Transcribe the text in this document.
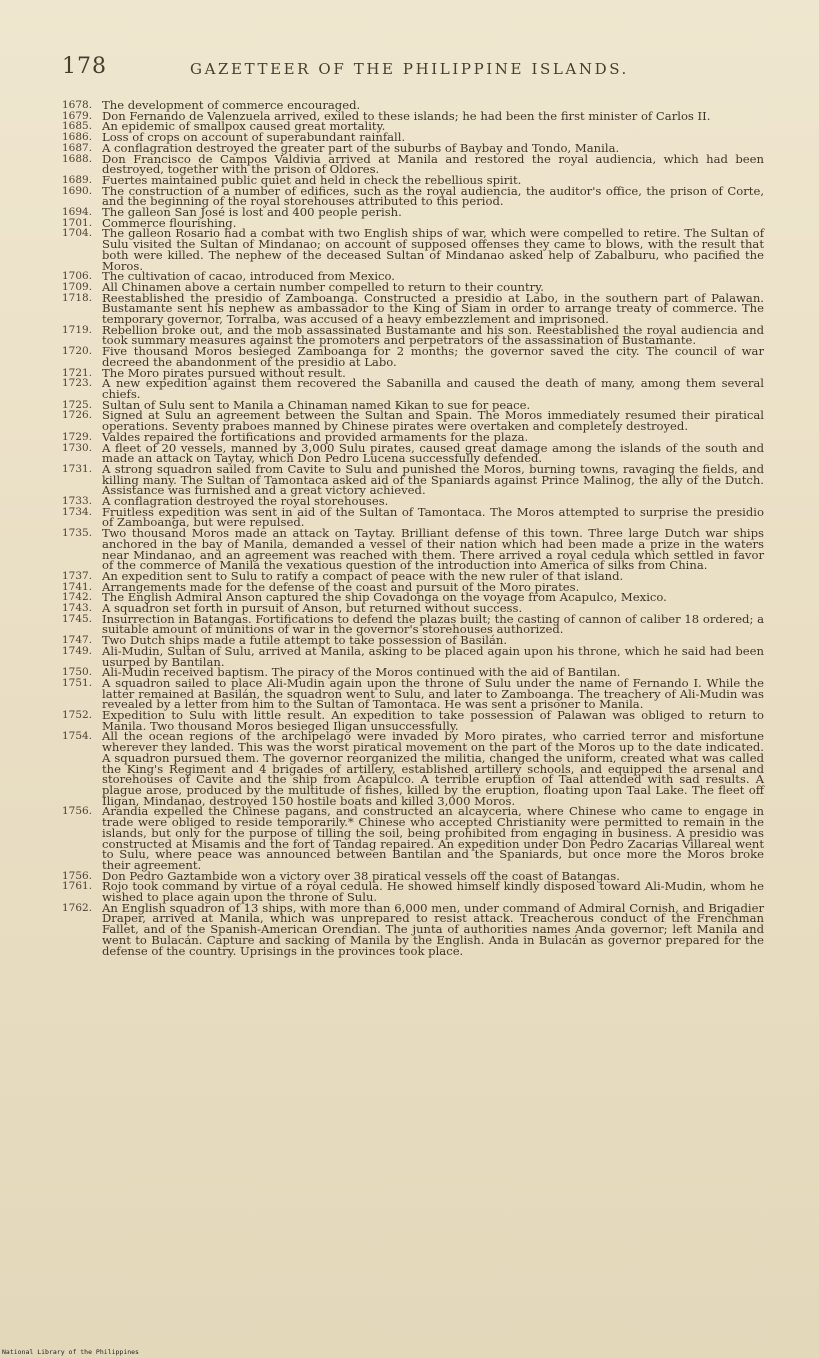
178	GAZETTEER OF THE PHILIPPINE ISLANDS.

1678. The development of commerce encouraged.

1679. Don Fernando de Valenzuela arrived, exiled to these islands; he had been the first minister of Carlos II.

1685. An epidemic of smallpox caused great mortality.

1686. Loss of crops on account of superabundant rainfall.

1687. A conflagration destroyed the greater part of the suburbs of Baybay and Tondo, Manila.

1688. Don Francisco de Campos Valdivia arrived at Manila and restored the royal audiencia, which had been destroyed, together with the prison of Oldores.

1689. Fuertes maintained public quiet and held in check the rebellious spirit.

1690. The construction of a number of edifices, such as the royal audiencia, the auditor's office, the prison of Corte, and the beginning of the royal storehouses attributed to this period.

1694. The galleon San José is lost and 400 people perish.

1701. Commerce flourishing.

1704. The galleon Rosario had a combat with two English ships of war, which were compelled to retire. The Sultan of Sulu visited the Sultan of Mindanao; on account of supposed offenses they came to blows, with the result that both were killed. The nephew of the deceased Sultan of Mindanao asked help of Zabalburu, who pacified the Moros.

1706. The cultivation of cacao, introduced from Mexico.

1709. All Chinamen above a certain number compelled to return to their country.

1718. Reestablished the presidio of Zamboanga. Constructed a presidio at Labo, in the southern part of Palawan. Bustamante sent his nephew as ambassador to the King of Siam in order to arrange treaty of commerce. The temporary governor, Torralba, was accused of a heavy embezzlement and imprisoned.

1719. Rebellion broke out, and the mob assassinated Bustamante and his son. Reestablished the royal audiencia and took summary measures against the promoters and perpetrators of the assassination of Bustamante.

1720. Five thousand Moros besieged Zamboanga for 2 months; the governor saved the city. The council of war decreed the abandonment of the presidio at Labo.

1721. The Moro pirates pursued without result.

1723. A new expedition against them recovered the Sabanilla and caused the death of many, among them several chiefs.

1725. Sultan of Sulu sent to Manila a Chinaman named Kikan to sue for peace.

1726. Signed at Sulu an agreement between the Sultan and Spain. The Moros immediately resumed their piratical operations. Seventy praboes manned by Chinese pirates were overtaken and completely destroyed.

1729. Valdes repaired the fortifications and provided armaments for the plaza.

1730. A fleet of 20 vessels, manned by 3,000 Sulu pirates, caused great damage among the islands of the south and made an attack on Taytay, which Don Pedro Lucena successfully defended.

1731. A strong squadron sailed from Cavite to Sulu and punished the Moros, burning towns, ravaging the fields, and killing many. The Sultan of Tamontaca asked aid of the Spaniards against Prince Malinog, the ally of the Dutch. Assistance was furnished and a great victory achieved.

1733. A conflagration destroyed the royal storehouses.

1734. Fruitless expedition was sent in aid of the Sultan of Tamontaca. The Moros attempted to surprise the presidio of Zamboanga, but were repulsed.

1735. Two thousand Moros made an attack on Taytay. Brilliant defense of this town. Three large Dutch war ships anchored in the bay of Manila, demanded a vessel of their nation which had been made a prize in the waters near Mindanao, and an agreement was reached with them. There arrived a royal cedula which settled in favor of the commerce of Manila the vexatious question of the introduction into America of silks from China.

1737. An expedition sent to Sulu to ratify a compact of peace with the new ruler of that island.

1741. Arrangements made for the defense of the coast and pursuit of the Moro pirates.

1742. The English Admiral Anson captured the ship Covadonga on the voyage from Acapulco, Mexico.

1743. A squadron set forth in pursuit of Anson, but returned without success.

1745. Insurrection in Batangas. Fortifications to defend the plazas built; the casting of cannon of caliber 18 ordered; a suitable amount of munitions of war in the governor's storehouses authorized.

1747. Two Dutch ships made a futile attempt to take possession of Basilán.

1749. Ali-Mudin, Sultan of Sulu, arrived at Manila, asking to be placed again upon his throne, which he said had been usurped by Bantilan.

1750. Ali-Mudin received baptism. The piracy of the Moros continued with the aid of Bantilan.

1751. A squadron sailed to place Ali-Mudin again upon the throne of Sulu under the name of Fernando I. While the latter remained at Basilán, the squadron went to Sulu, and later to Zamboanga. The treachery of Ali-Mudin was revealed by a letter from him to the Sultan of Tamontaca. He was sent a prisoner to Manila.

1752. Expedition to Sulu with little result. An expedition to take possession of Palawan was obliged to return to Manila. Two thousand Moros besieged Iligan unsuccessfully.

1754. All the ocean regions of the archipelago were invaded by Moro pirates, who carried terror and misfortune wherever they landed. This was the worst piratical movement on the part of the Moros up to the date indicated. A squadron pursued them. The governor reorganized the militia, changed the uniform, created what was called the King's Regiment and 4 brigades of artillery, established artillery schools, and equipped the arsenal and storehouses of Cavite and the ship from Acapulco. A terrible eruption of Taal attended with sad results. A plague arose, produced by the multitude of fishes, killed by the eruption, floating upon Taal Lake. The fleet off Iligan, Mindanao, destroyed 150 hostile boats and killed 3,000 Moros.

1756. Arandia expelled the Chinese pagans, and constructed an alcayceria, where Chinese who came to engage in trade were obliged to reside temporarily.* Chinese who accepted Christianity were permitted to remain in the islands, but only for the purpose of tilling the soil, being prohibited from engaging in business. A presidio was constructed at Misamis and the fort of Tandag repaired. An expedition under Don Pedro Zacarias Villareal went to Sulu, where peace was announced between Bantilan and the Spaniards, but once more the Moros broke their agreement.

1756. Don Pedro Gaztambide won a victory over 38 piratical vessels off the coast of Batangas.

1761. Rojo took command by virtue of a royal cedula. He showed himself kindly disposed toward Ali-Mudin, whom he wished to place again upon the throne of Sulu.

1762. An English squadron of 13 ships, with more than 6,000 men, under command of Admiral Cornish, and Brigadier Draper, arrived at Manila, which was unprepared to resist attack. Treacherous conduct of the Frenchman Fallet, and of the Spanish-American Orendian. The junta of authorities names Anda governor; left Manila and went to Bulacán. Capture and sacking of Manila by the English. Anda in Bulacán as governor prepared for the defense of the country. Uprisings in the provinces took place.

National Library of the Philippines
